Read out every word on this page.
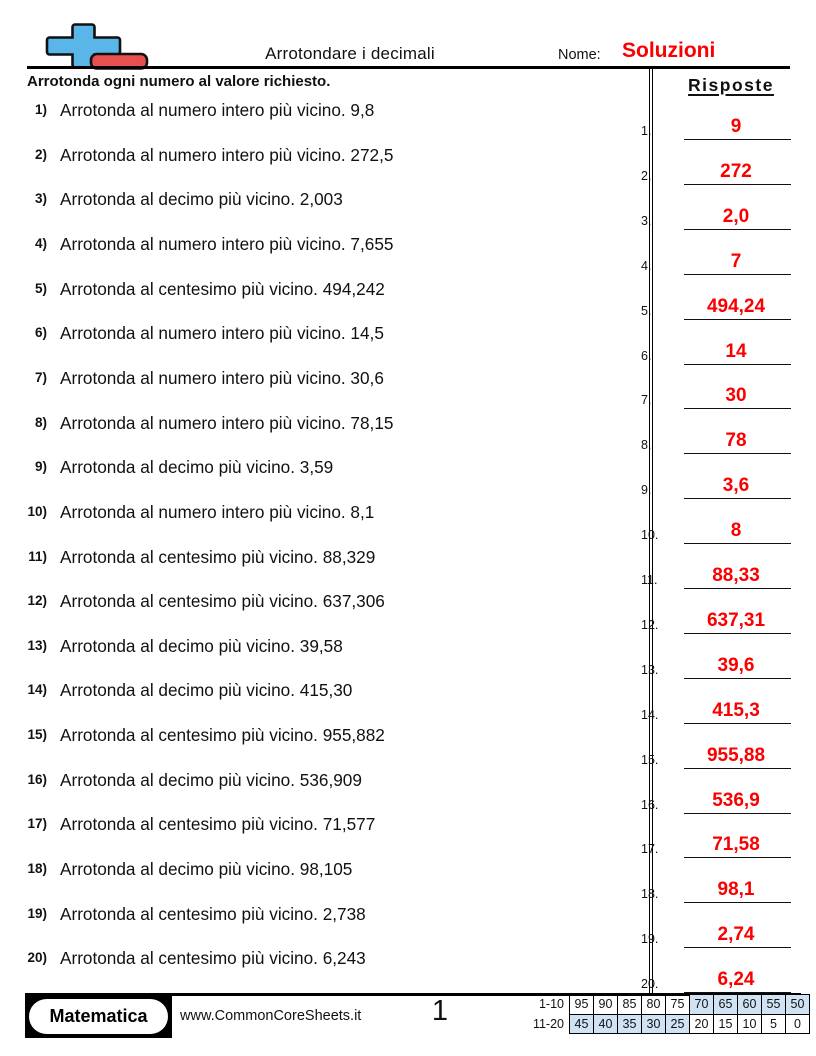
Arrotondare i decimali	Nome: Soluzioni
Arrotonda ogni numero al valore richiesto.	Risposte
1) Arrotonda al numero intero più vicino. 9,8
2) Arrotonda al numero intero più vicino. 272,5
3) Arrotonda al decimo più vicino. 2,003
4) Arrotonda al numero intero più vicino. 7,655
5) Arrotonda al centesimo più vicino. 494,242
6) Arrotonda al numero intero più vicino. 14,5
7) Arrotonda al numero intero più vicino. 30,6
8) Arrotonda al numero intero più vicino. 78,15
9) Arrotonda al decimo più vicino. 3,59
10) Arrotonda al numero intero più vicino. 8,1
11) Arrotonda al centesimo più vicino. 88,329
12) Arrotonda al centesimo più vicino. 637,306
13) Arrotonda al decimo più vicino. 39,58
14) Arrotonda al decimo più vicino. 415,30
15) Arrotonda al centesimo più vicino. 955,882
16) Arrotonda al decimo più vicino. 536,909
17) Arrotonda al centesimo più vicino. 71,577
18) Arrotonda al decimo più vicino. 98,105
19) Arrotonda al centesimo più vicino. 2,738
20) Arrotonda al centesimo più vicino. 6,243
1.	9
2.	272
3.	2,0
4.	7
5.	494,24
6.	14
7.	30
8.	78
9.	3,6
10.	8
11.	88,33
12.	637,31
13.	39,6
14.	415,3
15.	955,88
16.	536,9
17.	71,58
18.	98,1
19.	2,74
20.	6,24
Matematica	www.CommonCoreSheets.it	1	1-10	95	90	85	80	75	70	65	60	55	50
11-20	45	40	35	30	25	20	15	10	5	0
